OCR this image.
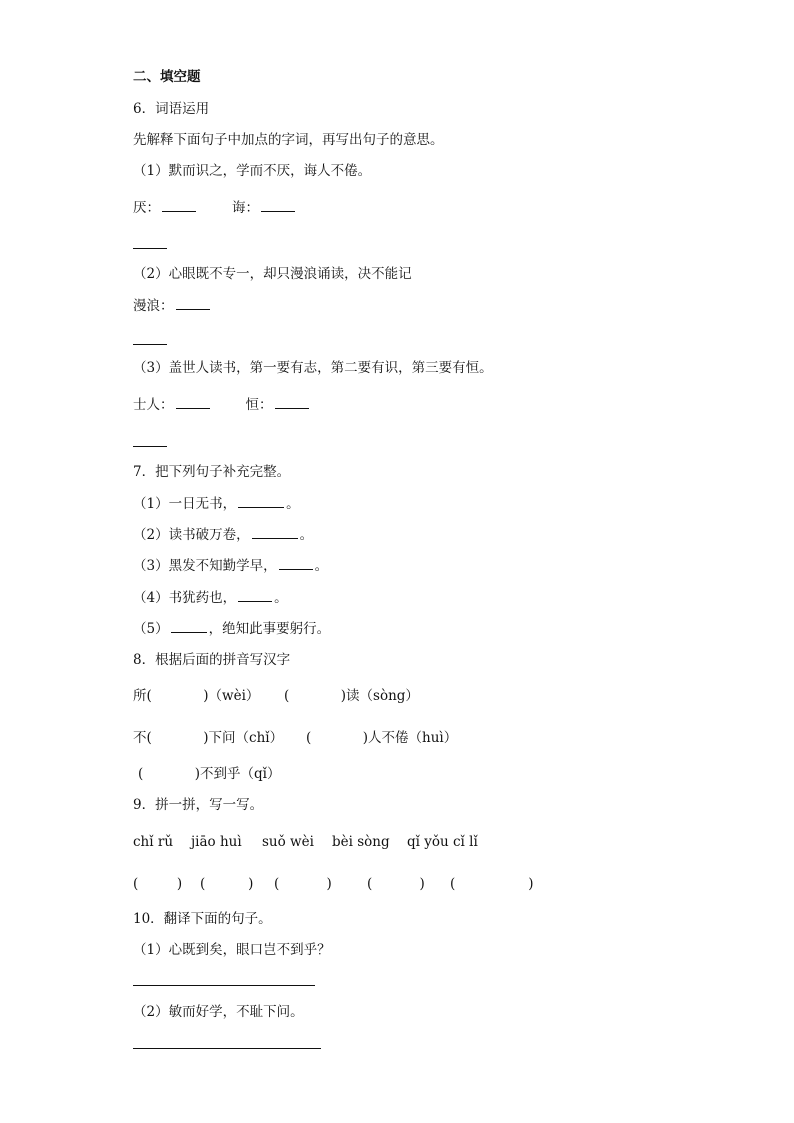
二、填空题
6．词语运用
先解释下面句子中加点的字词，再写出句子的意思。
（1）默而识之，学而不厌，诲人不倦。
厌：	诲：
（2）心眼既不专一，却只漫浪诵读，决不能记
漫浪：
（3）盖世人读书，第一要有志，第二要有识，第三要有恒。
士人：	恒：
7．把下列句子补充完整。
（1）一日无书，	。
（2）读书破万卷，	。
（3）黑发不知勤学早，	。
（4）书犹药也，	。
（5）	，绝知此事要躬行。
8．根据后面的拼音写汉字
所(            )（wèi） (            )读（sòng）
不(            )下问（chǐ） (            )人不倦（huì）
(            )不到乎（qǐ）
9．拼一拼，写一写。
chǐ rǔ jiāo huì suǒ wèi bèi sòng qǐ yǒu cǐ lǐ
(         ) (          ) (           )	(           ) (                 )
10．翻译下面的句子。
（1）心既到矣，眼口岂不到乎？
（2）敏而好学，不耻下问。
